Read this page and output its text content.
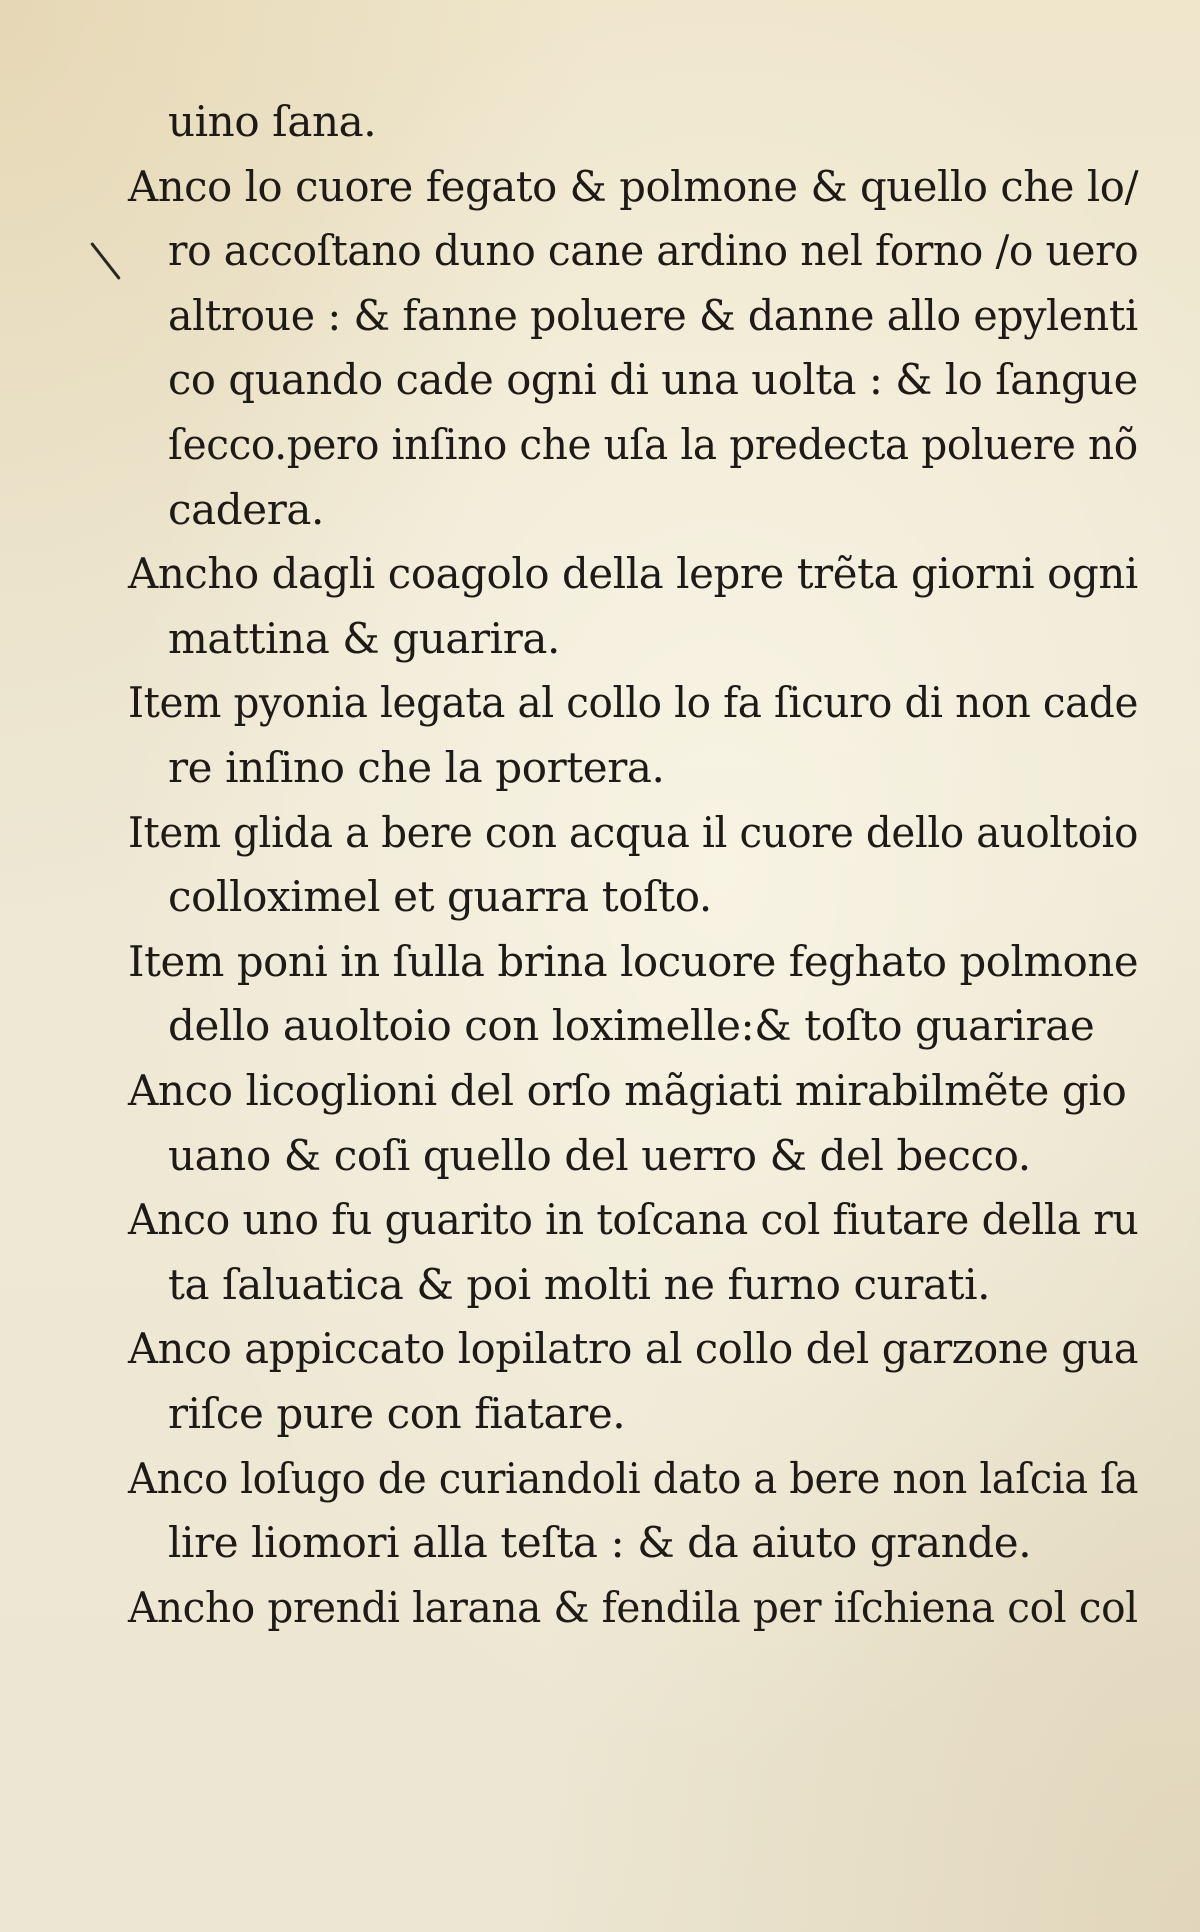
uino ſana.
Anco lo cuore fegato & polmone & quello che lo/
ro accoſtano duno cane ardino nel forno /o uero
altroue : & fanne poluere & danne allo epylenti
co quando cade ogni di una uolta : & lo ſangue
ſecco.pero inſino che uſa la predecta poluere nõ
cadera.
Ancho dagli coagolo della lepre trẽta giorni ogni
mattina & guarira.
Item pyonia legata al collo lo fa ſicuro di non cade
re inſino che la portera.
Item glida a bere con acqua il cuore dello auoltoio
colloximel et guarra toſto.
Item poni in ſulla brina locuore feghato polmone
dello auoltoio con loximelle:& toſto guarirae
Anco licoglioni del orſo mãgiati mirabilmẽte gio
uano & coſi quello del uerro & del becco.
Anco uno fu guarito in toſcana col fiutare della ru
ta ſaluatica & poi molti ne furno curati.
Anco appiccato lopilatro al collo del garzone gua
riſce pure con fiatare.
Anco loſugo de curiandoli dato a bere non laſcia ſa
lire liomori alla teſta : & da aiuto grande.
Ancho prendi larana & fendila per iſchiena col col
